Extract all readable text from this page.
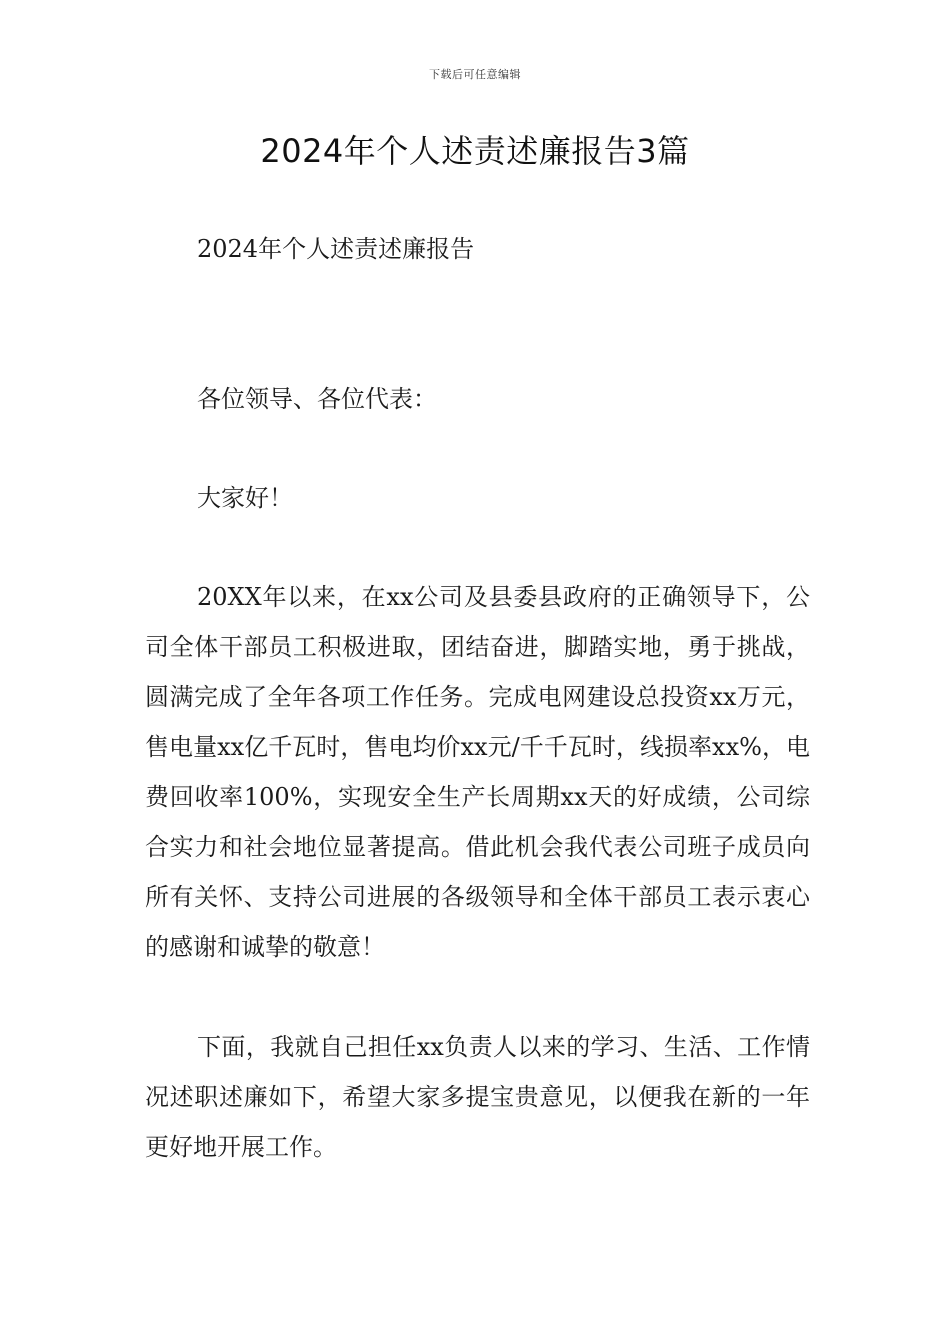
下载后可任意编辑
2024年个人述责述廉报告3篇

2024年个人述责述廉报告

各位领导、各位代表：

大家好！

20XX年以来，在xx公司及县委县政府的正确领导下，公司全体干部员工积极进取，团结奋进，脚踏实地，勇于挑战，圆满完成了全年各项工作任务。完成电网建设总投资xx万元，售电量xx亿千瓦时，售电均价xx元/千千瓦时，线损率xx%，电费回收率100%，实现安全生产长周期xx天的好成绩，公司综合实力和社会地位显著提高。借此机会我代表公司班子成员向所有关怀、支持公司进展的各级领导和全体干部员工表示衷心的感谢和诚挚的敬意！

下面，我就自己担任xx负责人以来的学习、生活、工作情况述职述廉如下，希望大家多提宝贵意见，以便我在新的一年更好地开展工作。
